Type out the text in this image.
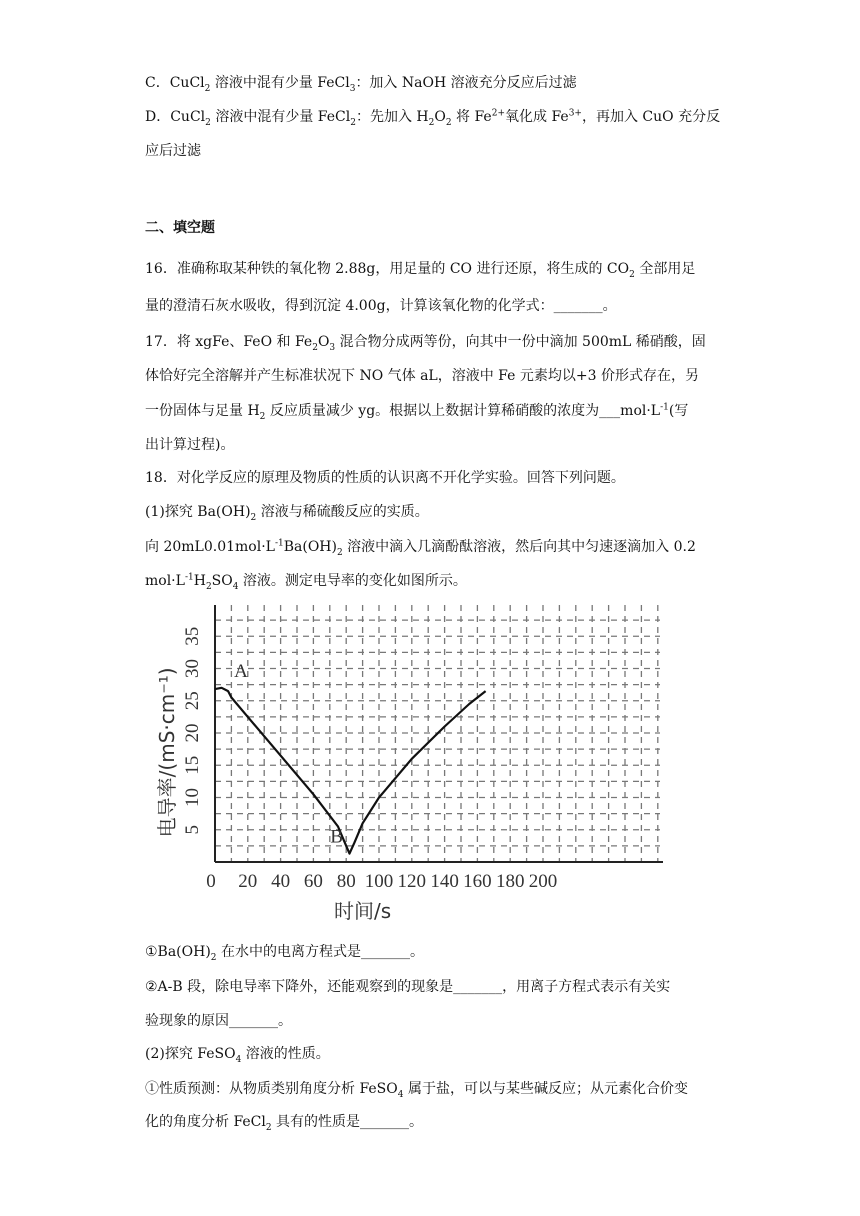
C．CuCl$_2$ 溶液中混有少量 FeCl$_3$：加入 NaOH 溶液充分反应后过滤
D．CuCl$_2$ 溶液中混有少量 FeCl$_2$：先加入 $H_2O_2$ 将 $Fe^{2+}$氧化成 $Fe^{3+}$，再加入 CuO 充分反
应后过滤
二、填空题
16．准确称取某种铁的氧化物 2.88g，用足量的 CO 进行还原，将生成的 $CO_2$ 全部用足
量的澄清石灰水吸收，得到沉淀 4.00g，计算该氧化物的化学式：_______。
17．将 xgFe、FeO 和 $Fe_2O_3$ 混合物分成两等份，向其中一份中滴加 500mL 稀硝酸，固
体恰好完全溶解并产生标准状况下 NO 气体 aL，溶液中 Fe 元素均以+3 价形式存在，另
一份固体与足量 $H_2$ 反应质量减少 yg。根据以上数据计算稀硝酸的浓度为$\_\_\_mol\cdot L^{-1}$(写
出计算过程)。
18．对化学反应的原理及物质的性质的认识离不开化学实验。回答下列问题。
(1)探究 $Ba(OH)_2$ 溶液与稀硫酸反应的实质。
向 $20mL0.01mol\cdot L^{-1}Ba(OH)_2$ 溶液中滴入几滴酚酞溶液，然后向其中匀速逐滴加入 0.2
$mol\cdot L^{-1}H_2SO_4$ 溶液。测定电导率的变化如图所示。
0 20 40 60 80 100 120 140 160 180 200
5
10
15
20
25
30
35
时间/s
电导率/(mS·cm⁻¹)	A
B
$①Ba(OH)_2$ 在水中的电离方程式是_______。
②A-B 段，除电导率下降外，还能观察到的现象是_______，用离子方程式表示有关实
验现象的原因_______。
(2)探究 FeSO$_4$ 溶液的性质。
①性质预测：从物质类别角度分析 FeSO$_4$ 属于盐，可以与某些碱反应；从元素化合价变
化的角度分析 FeCl$_2$ 具有的性质是_______。
